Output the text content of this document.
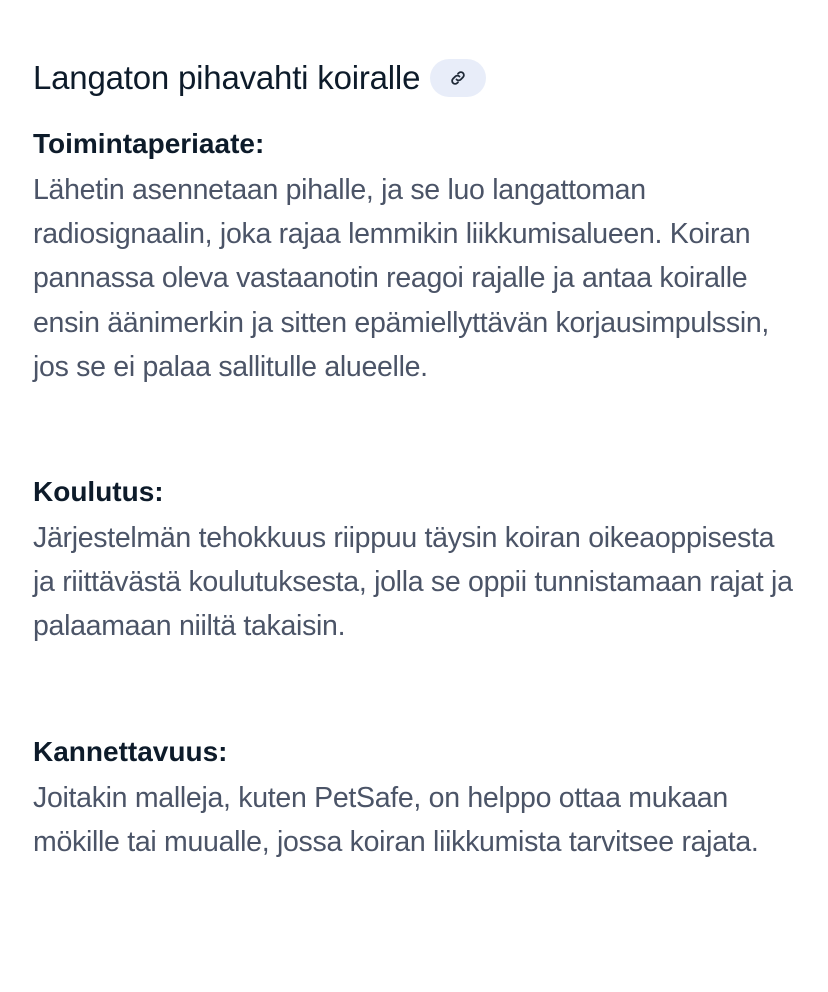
Langaton pihavahti koiralle
Toimintaperiaate:

Lähetin asennetaan pihalle, ja se luo langattoman radiosignaalin, joka rajaa lemmikin liikkumisalueen. Koiran pannassa oleva vastaanotin reagoi rajalle ja antaa koiralle ensin äänimerkin ja sitten epämiellyttävän korjausimpulssin, jos se ei palaa sallitulle alueelle.

Koulutus:

Järjestelmän tehokkuus riippuu täysin koiran oikeaoppisesta ja riittävästä koulutuksesta, jolla se oppii tunnistamaan rajat ja palaamaan niiltä takaisin.

Kannettavuus:

Joitakin malleja, kuten PetSafe, on helppo ottaa mukaan mökille tai muualle, jossa koiran liikkumista tarvitsee rajata.
